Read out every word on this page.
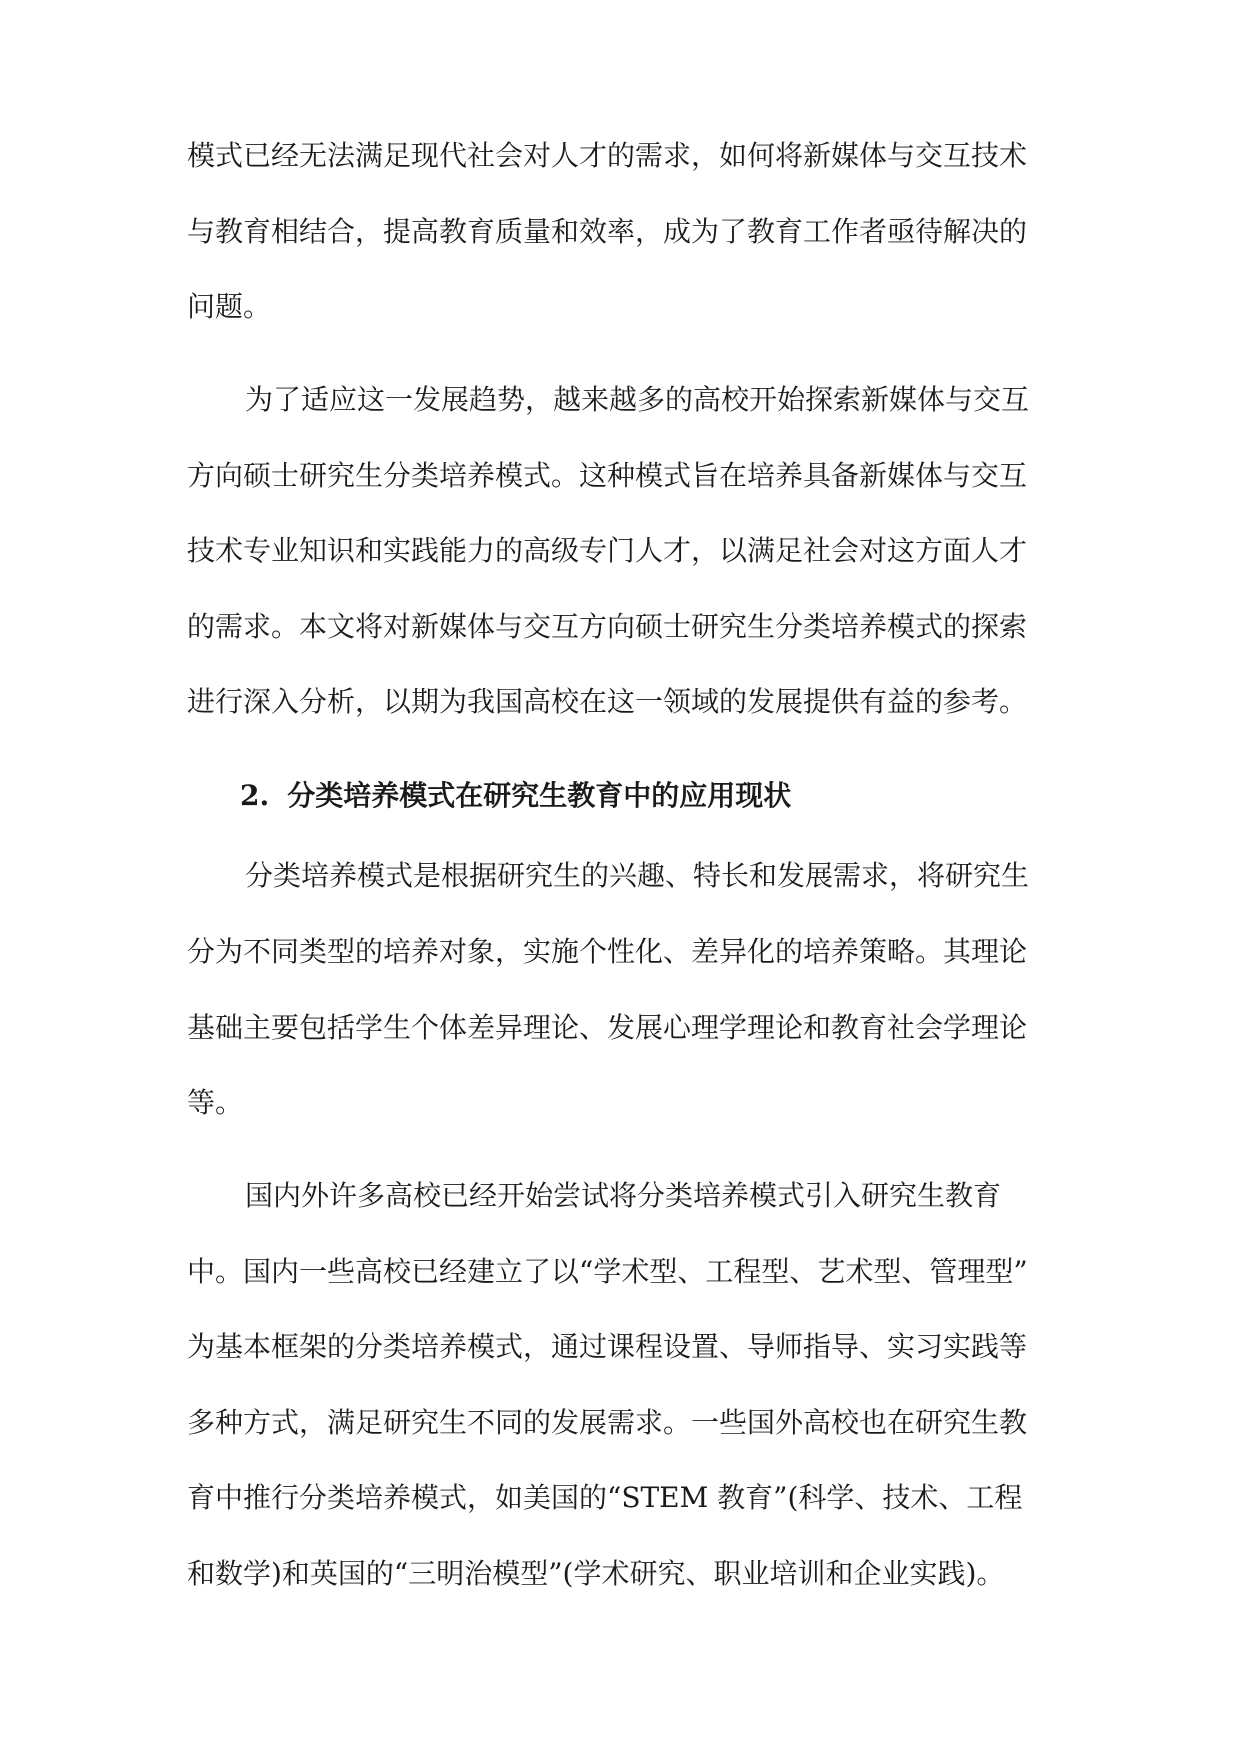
模式已经无法满足现代社会对人才的需求，如何将新媒体与交互技术
与教育相结合，提高教育质量和效率，成为了教育工作者亟待解决的
问题。
为了适应这一发展趋势，越来越多的高校开始探索新媒体与交互
方向硕士研究生分类培养模式。这种模式旨在培养具备新媒体与交互
技术专业知识和实践能力的高级专门人才，以满足社会对这方面人才
的需求。本文将对新媒体与交互方向硕士研究生分类培养模式的探索
进行深入分析，以期为我国高校在这一领域的发展提供有益的参考。
2. 分类培养模式在研究生教育中的应用现状
分类培养模式是根据研究生的兴趣、特长和发展需求，将研究生
分为不同类型的培养对象，实施个性化、差异化的培养策略。其理论
基础主要包括学生个体差异理论、发展心理学理论和教育社会学理论
等。
国内外许多高校已经开始尝试将分类培养模式引入研究生教育
中。国内一些高校已经建立了以“学术型、工程型、艺术型、管理型”
为基本框架的分类培养模式，通过课程设置、导师指导、实习实践等
多种方式，满足研究生不同的发展需求。一些国外高校也在研究生教
育中推行分类培养模式，如美国的“STEM 教育”(科学、技术、工程
和数学)和英国的“三明治模型”(学术研究、职业培训和企业实践)。
